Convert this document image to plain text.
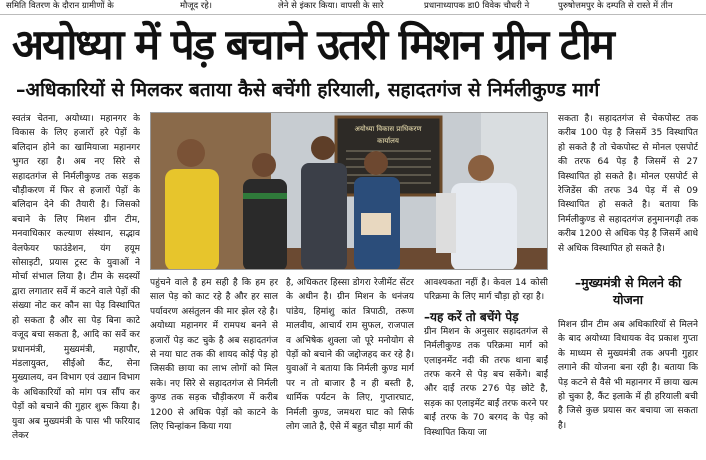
समिति वितरण के दौरान ग्रामीणों के	मौजूद रहे।	लेने से इंकार किया। वापसी के सारे	प्रधानाध्यापक डा0 विवेक चौधरी ने	पुरुषोत्तमपुर के दम्पति से रास्ते में तीन
अयोध्या में पेड़ बचाने उतरी मिशन ग्रीन टीम
–अधिकारियों से मिलकर बताया कैसे बचेंगी हरियाली, सहादतगंज से निर्मलीकुण्ड मार्ग

स्वतंत्र चेतना, अयोध्या। महानगर के विकास के लिए हजारों हरे पेड़ों के बलिदान होने का खामियाजा महानगर भुगत रहा है। अब नए सिरे से सहादतगंज से निर्मलीकुण्ड तक सड़क चौड़ीकरण में फिर से हजारों पेड़ों के बलिदान देने की तैयारी है। जिसको बचाने के लिए मिशन ग्रीन टीम, मनवाधिकार कल्याण संस्थान, सद्भाव वेलफेयर फाउंडेशन, यंग हयूम सोसाइटी, प्रयास ट्रस्ट के युवाओं ने मोर्चा संभाल लिया है। टीम के सदस्यों द्वारा लगातार सर्वे में कटने वाले पेड़ों की संख्या नोट कर कौन सा पेड़ विस्थापित हो सकता है और सा पेड़ बिना काटे वजूद बचा सकता है, आदि का सर्वे कर प्रधानमंत्री, मुख्यमंत्री, महापौर, मंडलायुक्त, सीईओ कैंट, सेना मुख्यालय, वन विभाग एवं उद्यान विभाग के अधिकारियों को मांग पत्र सौंप कर पेड़ों को बचाने की गुहार शुरू किया है। युवा अब मुख्यमंत्री के पास भी फरियाद लेकर

अयोध्या विकास प्राधिकरण
कार्यालय

पहुंचने वाले है हम सही है कि हम हर साल पेड़ को काट रहे है और हर साल पर्यावरण असंतुलन की मार झेल रहे है। अयोध्या महानगर में रामपथ बनने से हजारों पेड़ कट चुके है अब सहादतगंज से नया घाट तक की शायद कोई पेड़ हो जिसकी छाया का लाभ लोगों को मिल सके। नए सिरे से सहादतगंज से निर्मली कुण्ड तक सड़क चौड़ीकरण में करीब 1200 से अधिक पेड़ों को काटने के लिए चिन्हांकन किया गया

है, अधिकतर हिस्सा डोगरा रेजीमेंट सेंटर के अधीन है। ग्रीन मिशन के धनंजय पांडेय, हिमांशु कांत त्रिपाठी, तरूण मालवीय, आचार्य राम सुफल, राजपाल व अभिषेक शुक्ला जो पूरे मनोयोग से पेड़ों को बचाने की जद्दोजहद कर रहे है। युवाओं ने बताया कि निर्मली कुण्ड मार्ग पर न तो बाजार है न ही बस्ती है, धार्मिक पर्यटन के लिए, गुप्तारघाट, निर्मली कुण्ड, जमथरा घाट को सिर्फ लोग जाते है, ऐसे में बहुत चौड़ा मार्ग की

आवश्यकता नहीं है। केवल 14 कोसी परिक्रमा के लिए मार्ग चौड़ा हो रहा है।

–यह करें तो बचेंगे पेड़

ग्रीन मिशन के अनुसार सहादतगंज से निर्मलीकुण्ड तक परिक्रमा मार्ग को एलाइनमेंट नदी की तरफ थाना बाईं तरफ करने से पेड़ बच सकेंगे। बाईं और दाईं तरफ 276 पेड़ छोटे है, सड़क का एलाइमेंट बाईं तरफ करने पर बाईं तरफ के 70 बरगद के पेड़ को विस्थापित किया जा

सकता है। सहादतगंज से चेकपोस्ट तक करीब 100 पेड़ है जिसमें 35 विस्थापित हो सकते है तो चेकपोस्ट से मोनल एसपोर्ट की तरफ 64 पेड़ है जिसमें से 27 विस्थापित हो सकते है। मोनल एसपोर्ट से रेजिडेंस की तरफ 34 पेड़ में से 09 विस्थापित हो सकते है। बताया कि निर्मलीकुण्ड से सहादतगंज हनुमानगढ़ी तक करीब 1200 से अधिक पेड़ है जिसमें आधे से अधिक विस्थापित हो सकते है।

–मुख्यमंत्री से मिलने की योजना

मिशन ग्रीन टीम अब अधिकारियों से मिलने के बाद अयोध्या विधायक वेद प्रकाश गुप्ता के माध्यम से मुख्यमंत्री तक अपनी गुहार लगाने की योजना बना रही है। बताया कि पेड़ कटने से वैसे भी महानगर में छाया खत्म हो चुका है, कैंट इलाके में ही हरियाली बची है जिसे कुछ प्रयास कर बचाया जा सकता है।
